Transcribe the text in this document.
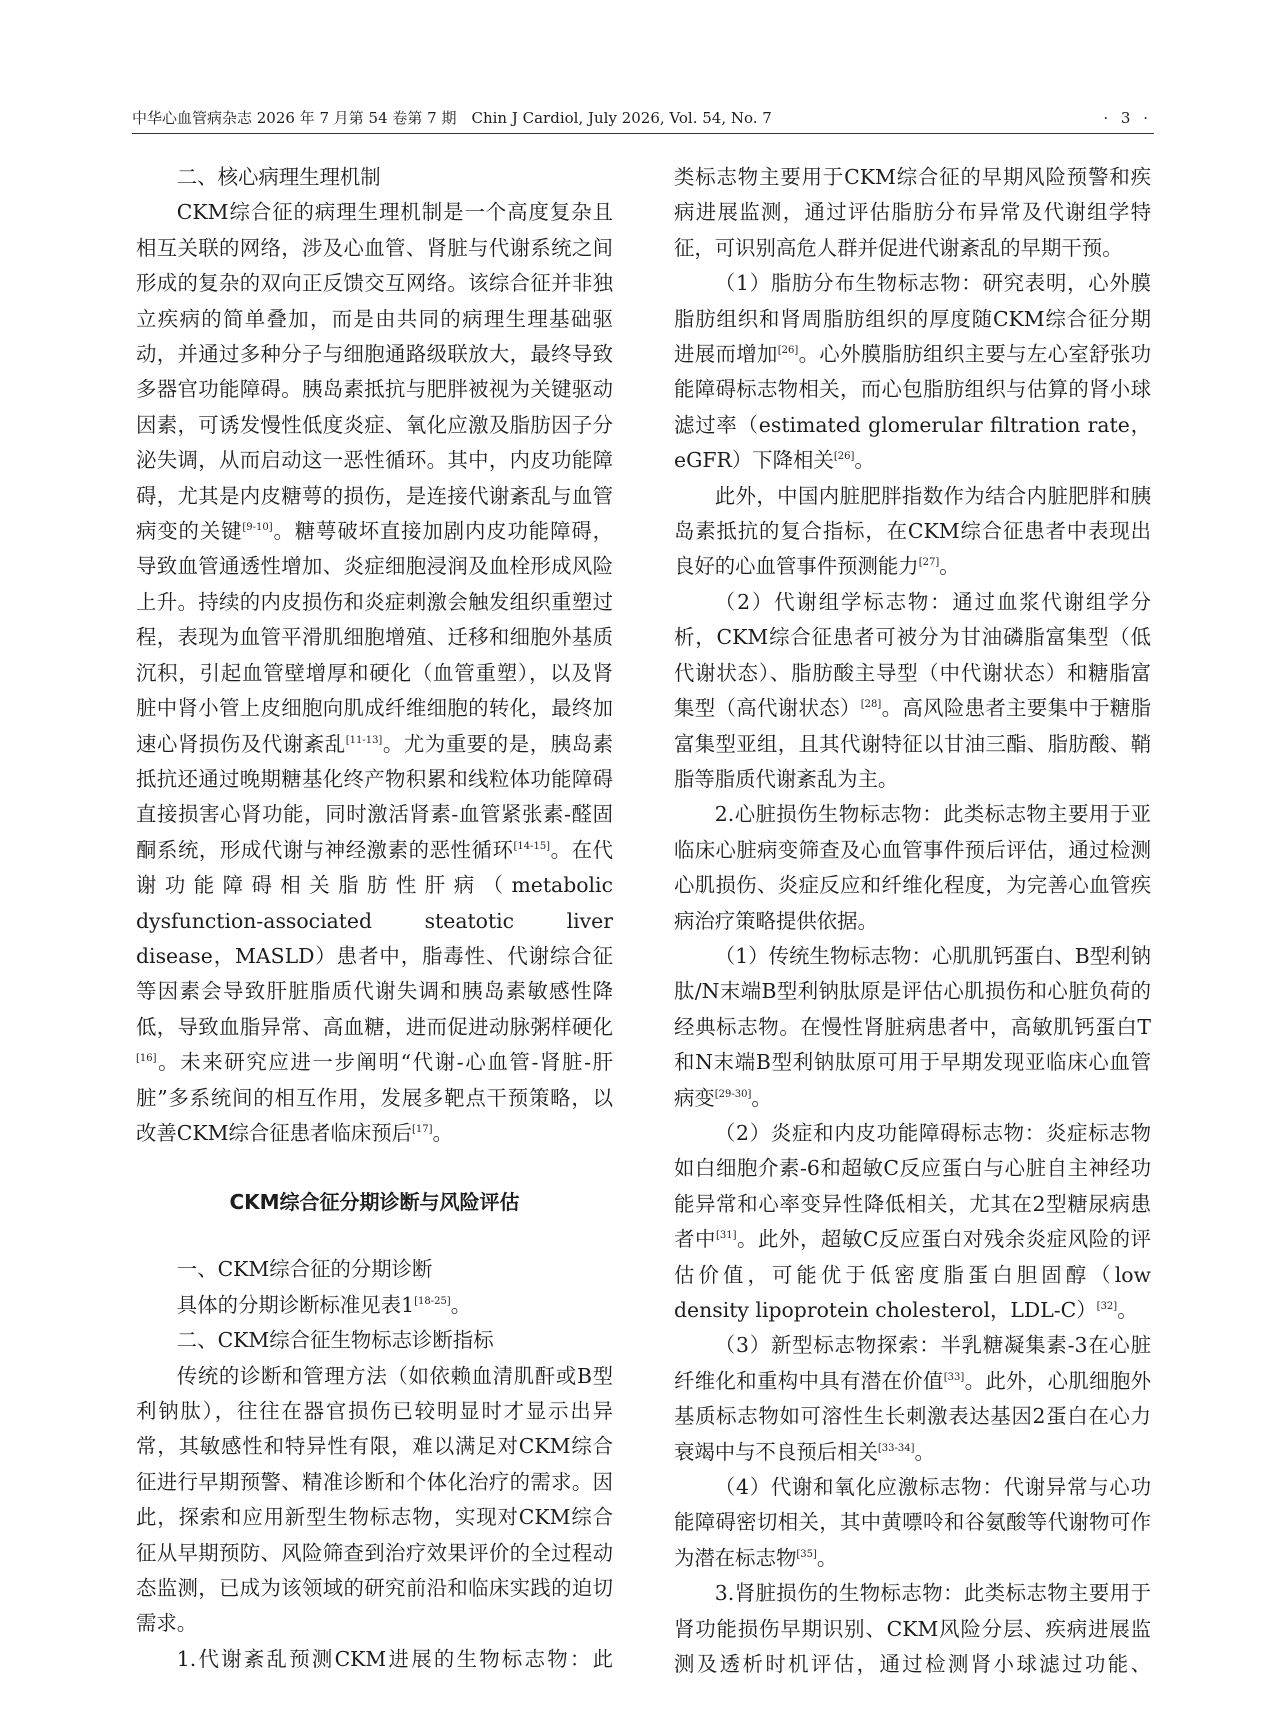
中华心血管病杂志 2026 年 7 月第 54 卷第 7 期　Chin J Cardiol, July 2026, Vol. 54, No. 7	· 3 ·

二、核心病理生理机制

CKM综合征的病理生理机制是一个高度复杂且相互关联的网络，涉及心血管、肾脏与代谢系统之间形成的复杂的双向正反馈交互网络。该综合征并非独立疾病的简单叠加，而是由共同的病理生理基础驱动，并通过多种分子与细胞通路级联放大，最终导致多器官功能障碍。胰岛素抵抗与肥胖被视为关键驱动因素，可诱发慢性低度炎症、氧化应激及脂肪因子分泌失调，从而启动这一恶性循环。其中，内皮功能障碍，尤其是内皮糖萼的损伤，是连接代谢紊乱与血管病变的关键[9-10]。糖萼破坏直接加剧内皮功能障碍，导致血管通透性增加、炎症细胞浸润及血栓形成风险上升。持续的内皮损伤和炎症刺激会触发组织重塑过程，表现为血管平滑肌细胞增殖、迁移和细胞外基质沉积，引起血管壁增厚和硬化（血管重塑），以及肾脏中肾小管上皮细胞向肌成纤维细胞的转化，最终加速心肾损伤及代谢紊乱[11-13]。尤为重要的是，胰岛素抵抗还通过晚期糖基化终产物积累和线粒体功能障碍直接损害心肾功能，同时激活肾素-血管紧张素-醛固酮系统，形成代谢与神经激素的恶性循环[14-15]。在代谢功能障碍相关脂肪性肝病（metabolic dysfunction-associated steatotic liver disease，MASLD）患者中，脂毒性、代谢综合征等因素会导致肝脏脂质代谢失调和胰岛素敏感性降低，导致血脂异常、高血糖，进而促进动脉粥样硬化[16]。未来研究应进一步阐明“代谢-心血管-肾脏-肝脏”多系统间的相互作用，发展多靶点干预策略，以改善CKM综合征患者临床预后[17]。

CKM综合征分期诊断与风险评估

一、CKM综合征的分期诊断

具体的分期诊断标准见表1[18-25]。

二、CKM综合征生物标志诊断指标

传统的诊断和管理方法（如依赖血清肌酐或B型利钠肽），往往在器官损伤已较明显时才显示出异常，其敏感性和特异性有限，难以满足对CKM综合征进行早期预警、精准诊断和个体化治疗的需求。因此，探索和应用新型生物标志物，实现对CKM综合征从早期预防、风险筛查到治疗效果评价的全过程动态监测，已成为该领域的研究前沿和临床实践的迫切需求。

1.代谢紊乱预测CKM进展的生物标志物：此

类标志物主要用于CKM综合征的早期风险预警和疾病进展监测，通过评估脂肪分布异常及代谢组学特征，可识别高危人群并促进代谢紊乱的早期干预。

（1）脂肪分布生物标志物：研究表明，心外膜脂肪组织和肾周脂肪组织的厚度随CKM综合征分期进展而增加[26]。心外膜脂肪组织主要与左心室舒张功能障碍标志物相关，而心包脂肪组织与估算的肾小球滤过率（estimated glomerular filtration rate，eGFR）下降相关[26]。

此外，中国内脏肥胖指数作为结合内脏肥胖和胰岛素抵抗的复合指标，在CKM综合征患者中表现出良好的心血管事件预测能力[27]。

（2）代谢组学标志物：通过血浆代谢组学分析，CKM综合征患者可被分为甘油磷脂富集型（低代谢状态）、脂肪酸主导型（中代谢状态）和糖脂富集型（高代谢状态）[28]。高风险患者主要集中于糖脂富集型亚组，且其代谢特征以甘油三酯、脂肪酸、鞘脂等脂质代谢紊乱为主。

2.心脏损伤生物标志物：此类标志物主要用于亚临床心脏病变筛查及心血管事件预后评估，通过检测心肌损伤、炎症反应和纤维化程度，为完善心血管疾病治疗策略提供依据。

（1）传统生物标志物：心肌肌钙蛋白、B型利钠肽/N末端B型利钠肽原是评估心肌损伤和心脏负荷的经典标志物。在慢性肾脏病患者中，高敏肌钙蛋白T和N末端B型利钠肽原可用于早期发现亚临床心血管病变[29-30]。

（2）炎症和内皮功能障碍标志物：炎症标志物如白细胞介素-6和超敏C反应蛋白与心脏自主神经功能异常和心率变异性降低相关，尤其在2型糖尿病患者中[31]。此外，超敏C反应蛋白对残余炎症风险的评估价值，可能优于低密度脂蛋白胆固醇（low density lipoprotein cholesterol，LDL-C）[32]。

（3）新型标志物探索：半乳糖凝集素-3在心脏纤维化和重构中具有潜在价值[33]。此外，心肌细胞外基质标志物如可溶性生长刺激表达基因2蛋白在心力衰竭中与不良预后相关[33-34]。

（4）代谢和氧化应激标志物：代谢异常与心功能障碍密切相关，其中黄嘌呤和谷氨酸等代谢物可作为潜在标志物[35]。

3.肾脏损伤的生物标志物：此类标志物主要用于肾功能损伤早期识别、CKM风险分层、疾病进展监测及透析时机评估，通过检测肾小球滤过功能、
